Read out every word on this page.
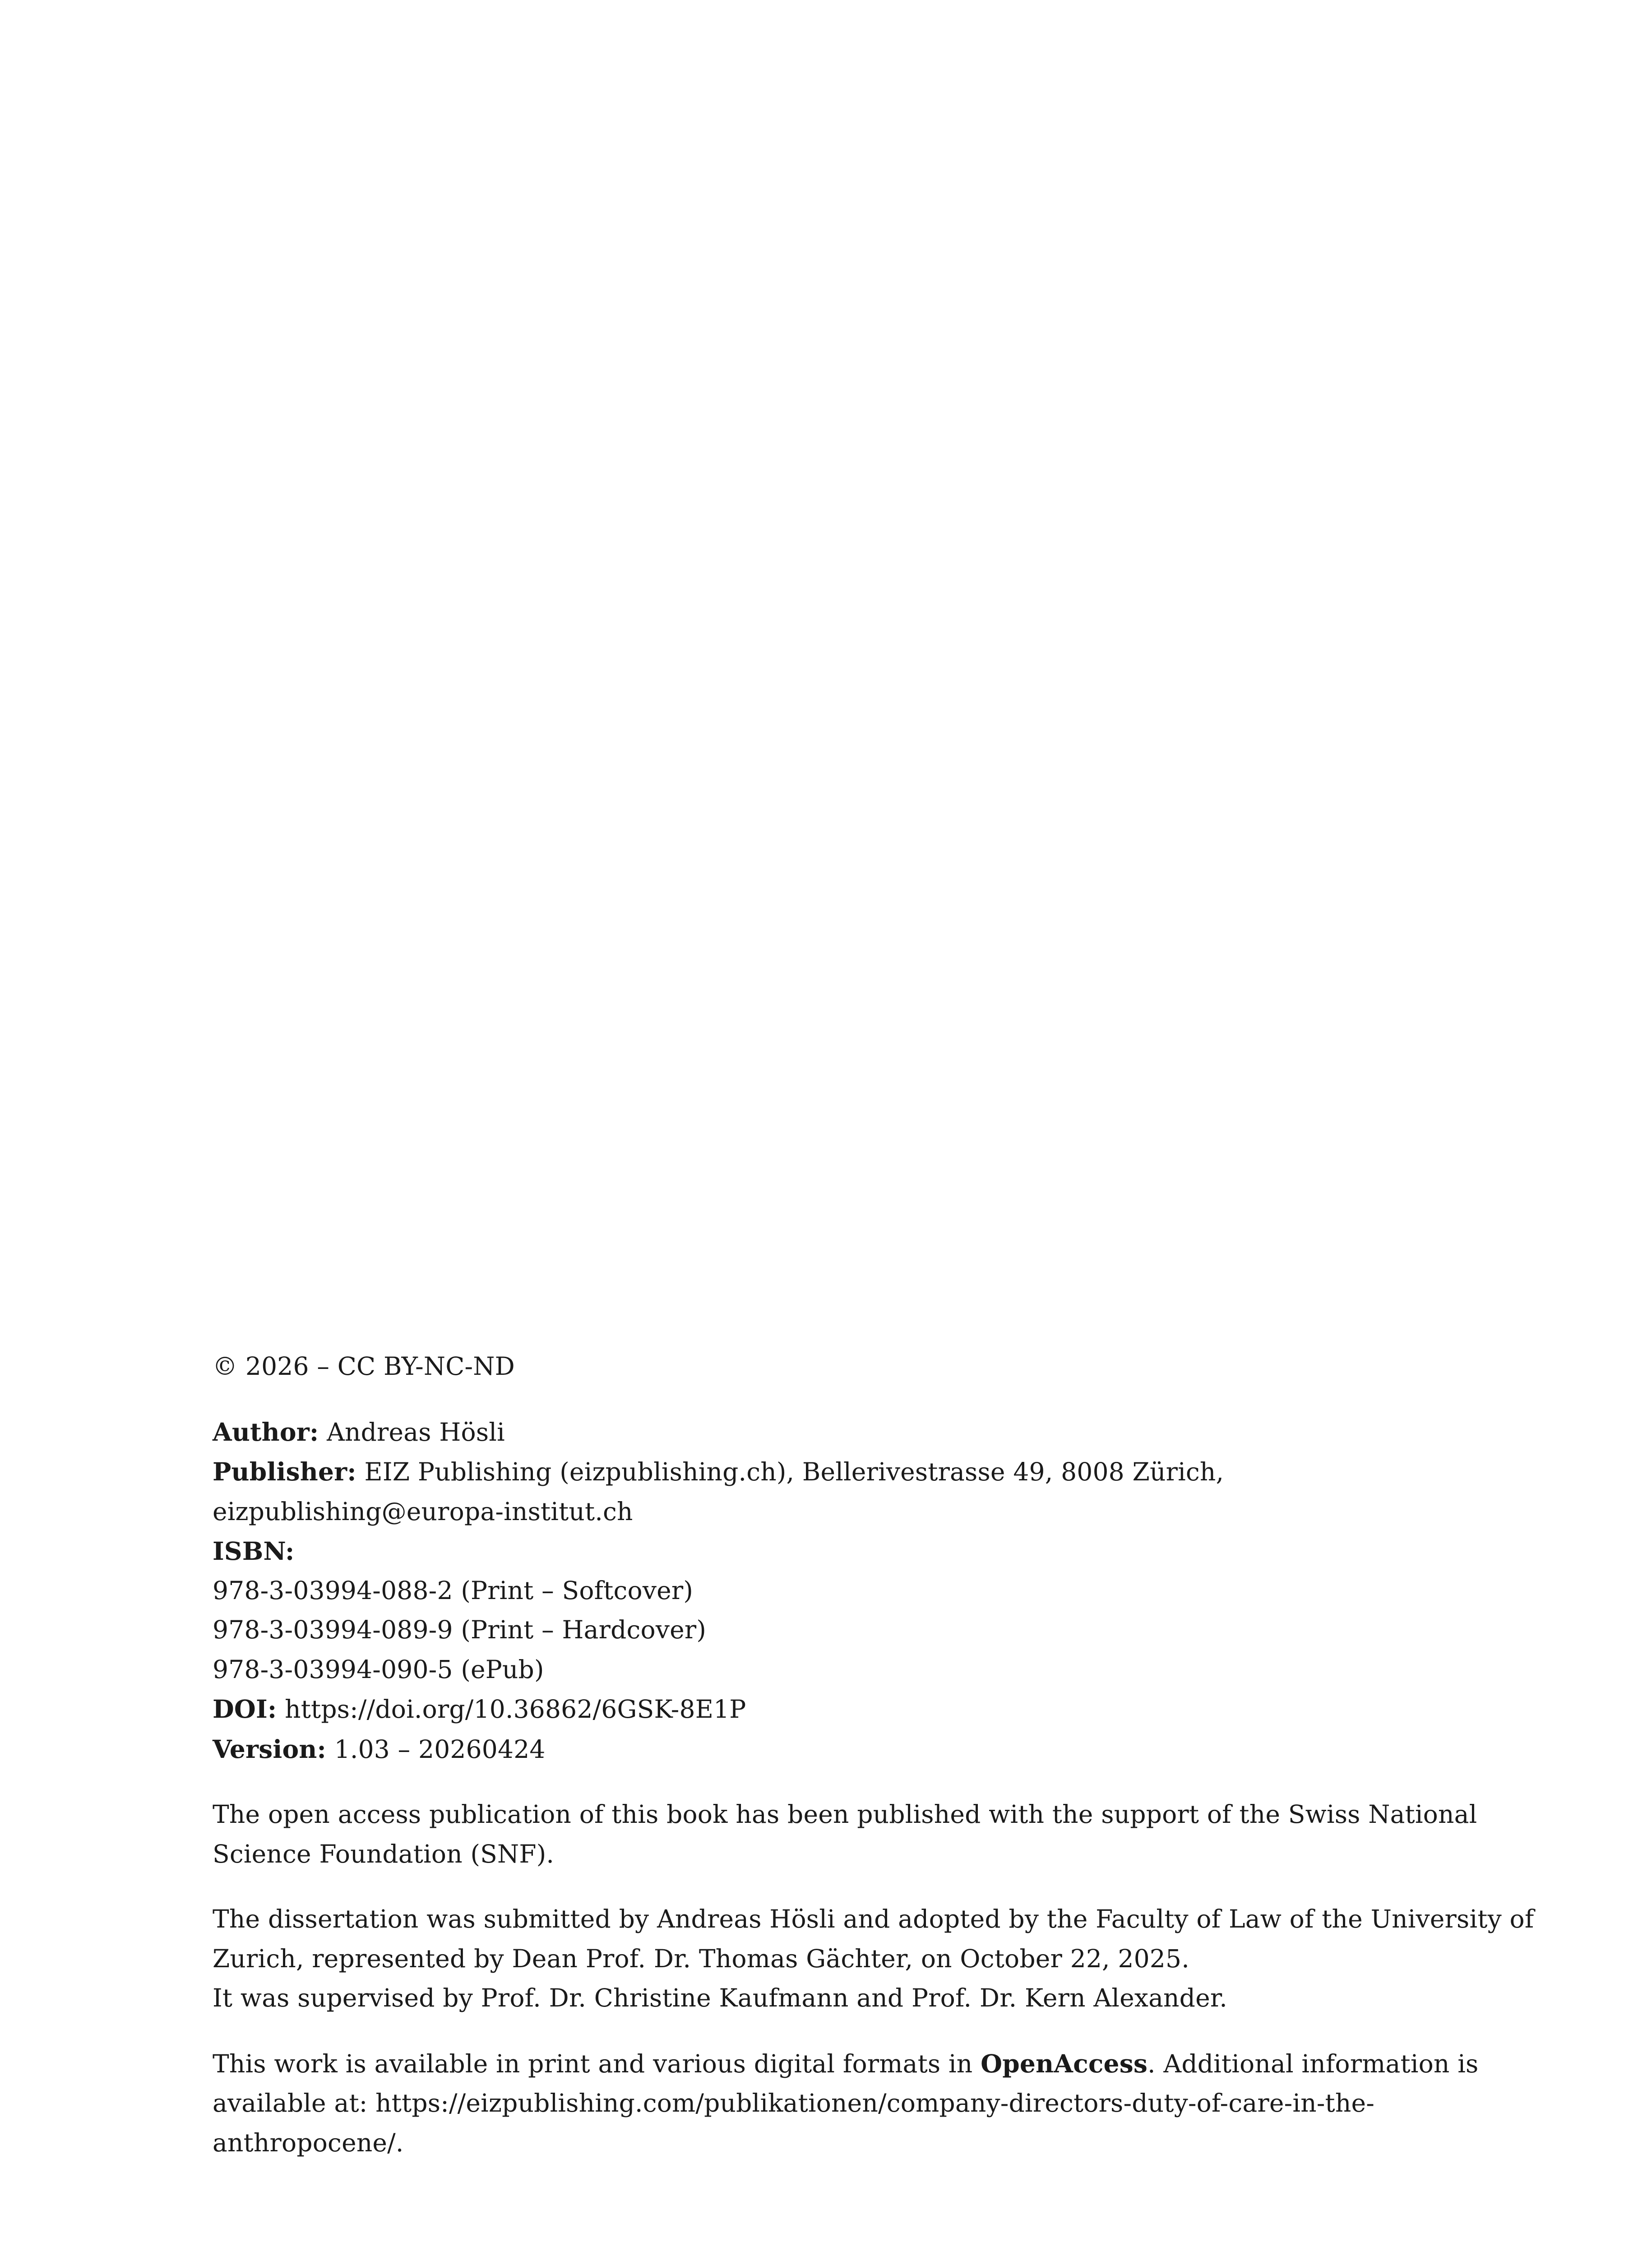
© 2026 – CC BY-NC-ND

Author: Andreas Hösli
Publisher: EIZ Publishing (eizpublishing.ch), Bellerivestrasse 49, 8008 Zürich,
eizpublishing@europa-institut.ch
ISBN:
978-3-03994-088-2 (Print – Softcover)
978-3-03994-089-9 (Print – Hardcover)
978-3-03994-090-5 (ePub)
DOI: https://doi.org/10.36862/6GSK-8E1P
Version: 1.03 – 20260424

The open access publication of this book has been published with the support of the Swiss National
Science Foundation (SNF).

The dissertation was submitted by Andreas Hösli and adopted by the Faculty of Law of the University of
Zurich, represented by Dean Prof. Dr. Thomas Gächter, on October 22, 2025.
It was supervised by Prof. Dr. Christine Kaufmann and Prof. Dr. Kern Alexander.

This work is available in print and various digital formats in OpenAccess. Additional information is
available at: https://eizpublishing.com/publikationen/company-directors-duty-of-care-in-the-
anthropocene/.
